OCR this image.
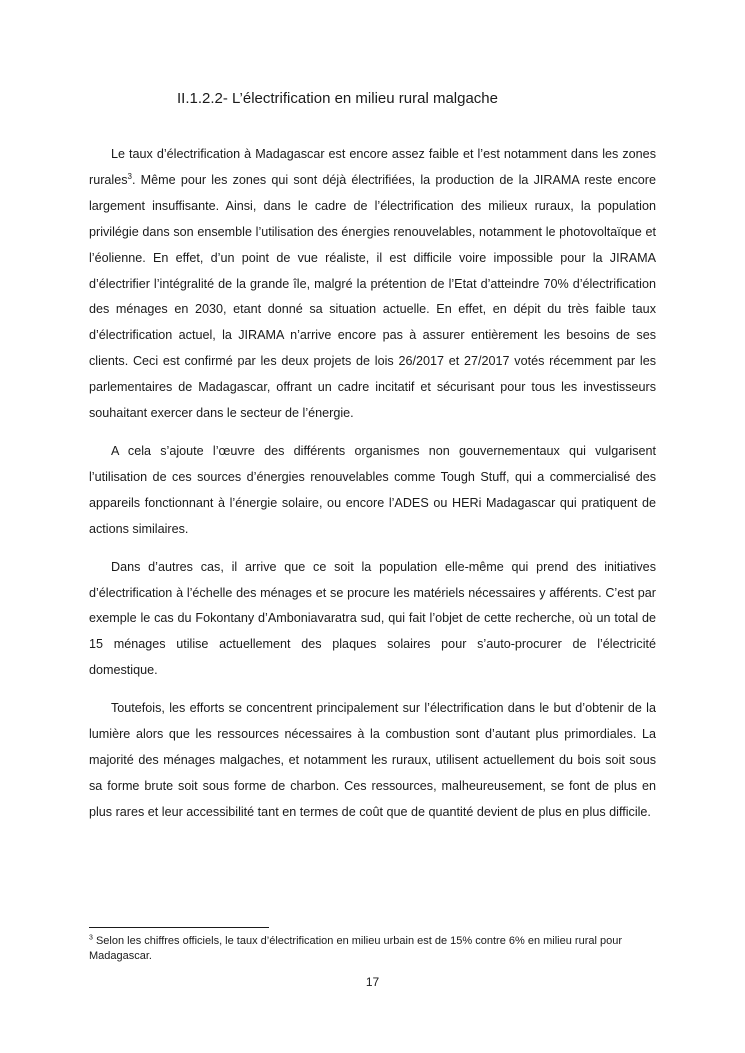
II.1.2.2- L’électrification en milieu rural malgache

Le taux d’électrification à Madagascar est encore assez faible et l’est notamment dans les zones rurales$^3$. Même pour les zones qui sont déjà électrifiées, la production de la JIRAMA reste encore largement insuffisante. Ainsi, dans le cadre de l’électrification des milieux ruraux, la population privilégie dans son ensemble l’utilisation des énergies renouvelables, notamment le photovoltaïque et l’éolienne. En effet, d’un point de vue réaliste, il est difficile voire impossible pour la JIRAMA d’électrifier l’intégralité de la grande île, malgré la prétention de l’Etat d’atteindre 70% d’électrification des ménages en 2030, etant donné sa situation actuelle. En effet, en dépit du très faible taux d’électrification actuel, la JIRAMA n’arrive encore pas à assurer entièrement les besoins de ses clients. Ceci est confirmé par les deux projets de lois 26/2017 et 27/2017 votés récemment par les parlementaires de Madagascar, offrant un cadre incitatif et sécurisant pour tous les investisseurs souhaitant exercer dans le secteur de l’énergie.

A cela s’ajoute l’œuvre des différents organismes non gouvernementaux qui vulgarisent l’utilisation de ces sources d’énergies renouvelables comme Tough Stuff, qui a commercialisé des appareils fonctionnant à l’énergie solaire, ou encore l’ADES ou HERi Madagascar qui pratiquent de actions similaires.

Dans d’autres cas, il arrive que ce soit la population elle-même qui prend des initiatives d’électrification à l’échelle des ménages et se procure les matériels nécessaires y afférents. C’est par exemple le cas du Fokontany d’Amboniavaratra sud, qui fait l’objet de cette recherche, où un total de 15 ménages utilise actuellement des plaques solaires pour s’auto-procurer de l’électricité domestique.

Toutefois, les efforts se concentrent principalement sur l’électrification dans le but d’obtenir de la lumière alors que les ressources nécessaires à la combustion sont d’autant plus primordiales. La majorité des ménages malgaches, et notamment les ruraux, utilisent actuellement du bois soit sous sa forme brute soit sous forme de charbon. Ces ressources, malheureusement, se font de plus en plus rares et leur accessibilité tant en termes de coût que de quantité devient de plus en plus difficile.

$^3$ Selon les chiffres officiels, le taux d’électrification en milieu urbain est de 15% contre 6% en milieu rural pour Madagascar.

17
